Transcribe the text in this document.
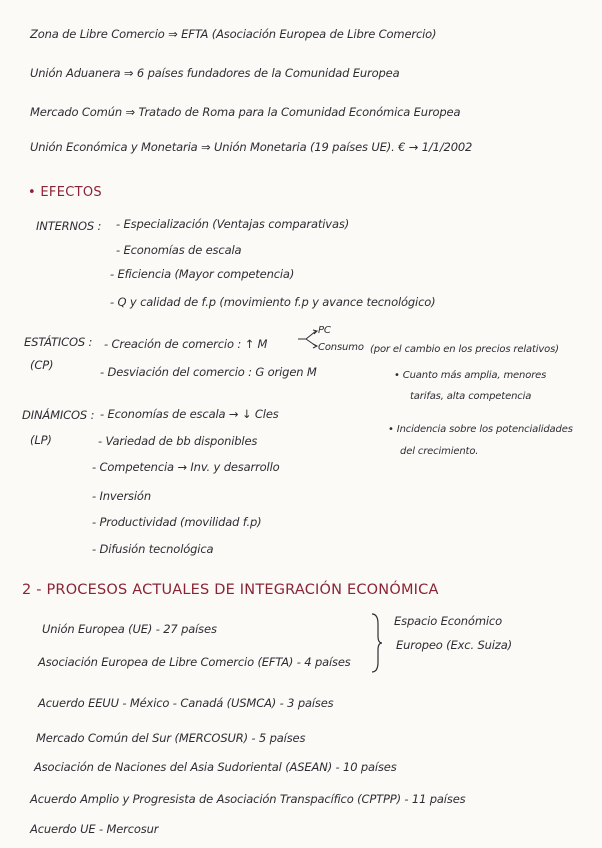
Zona de Libre Comercio ⇒ EFTA (Asociación Europea de Libre Comercio)
Unión Aduanera ⇒ 6 países fundadores de la Comunidad Europea
Mercado Común ⇒ Tratado de Roma para la Comunidad Económica Europea
Unión Económica y Monetaria ⇒ Unión Monetaria (19 países UE). € → 1/1/2002
• EFECTOS
INTERNOS : - Especialización (Ventajas comparativas)
- Economías de escala
- Eficiencia (Mayor competencia)
- Q y calidad de f.p (movimiento f.p y avance tecnológico)
ESTÁTICOS :
(CP)
- Creación de comercio : ↑ M
PC
Consumo (por el cambio en los precios relativos)
- Desviación del comercio : G origen M	• Cuanto más amplia, menores
tarifas, alta competencia
• Incidencia sobre los potencialidades
del crecimiento.
DINÁMICOS :
(LP)
- Economías de escala → ↓ Cles
- Variedad de bb disponibles
- Competencia → Inv. y desarrollo
- Inversión
- Productividad (movilidad f.p)
- Difusión tecnológica
2 - PROCESOS ACTUALES DE INTEGRACIÓN ECONÓMICA
Unión Europea (UE) - 27 países
Asociación Europea de Libre Comercio (EFTA) - 4 países
Espacio Económico
Europeo (Exc. Suiza)
Acuerdo EEUU - México - Canadá (USMCA) - 3 países
Mercado Común del Sur (MERCOSUR) - 5 países
Asociación de Naciones del Asia Sudoriental (ASEAN) - 10 países
Acuerdo Amplio y Progresista de Asociación Transpacífico (CPTPP) - 11 países
Acuerdo UE - Mercosur
